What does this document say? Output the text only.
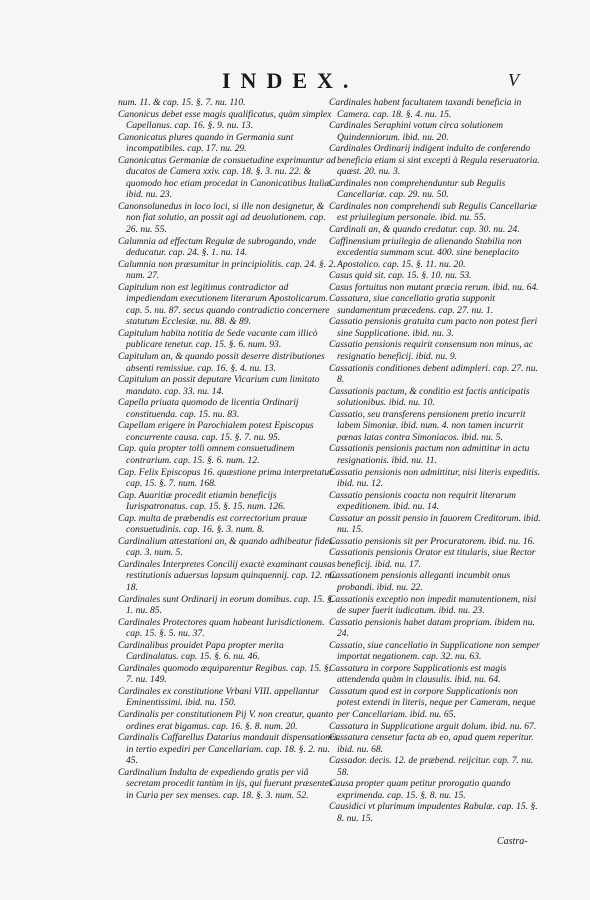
INDEX.	V

num. 11. & cap. 15. §. 7. nu. 110.

Canonicus debet esse magis qualificatus, quàm simplex Capellanus. cap. 16. §. 9. nu. 13.

Canonicatus plures quando in Germania sunt incompatibiles. cap. 17. nu. 29.

Canonicatus Germaniæ de consuetudine exprimuntur ad ducatos de Camera xxiv. cap. 18. §. 3. nu. 22. & quomodo hoc etiam procedat in Canonicatibus Italiæ. ibid. nu. 23.

Canonsolunedus in loco loci, si ille non designetur, & non fiat solutio, an possit agi ad deuolutionem. cap. 26. nu. 55.

Calumnia ad effectum Regulæ de subrogando, vnde deducatur. cap. 24. §. 1. nu. 14.

Calumnia non præsumitur in principiolitis. cap. 24. §. 2. num. 27.

Capitulum non est legitimus contradictor ad impediendam executionem literarum Apostolicarum. cap. 5. nu. 87. secus quando contradictio concernere statutum Ecclesiæ. nu. 88. & 89.

Capitulum habita notitia de Sede vacante cam illicò publicare tenetur. cap. 15. §. 6. num. 93.

Capitulum an, & quando possit deserre distributiones absenti remissiue. cap. 16. §. 4. nu. 13.

Capitulum an possit deputare Vicarium cum limitato mandato. cap. 33. nu. 14.

Capella priuata quomodo de licentia Ordinarij constituenda. cap. 15. nu. 83.

Capellam erigere in Parochialem potest Episcopus concurrente causa. cap. 15. §. 7. nu. 95.

Cap. quia propter tolli omnem consuetudinem contrarium. cap. 15. §. 6. num. 12.

Cap. Felix Episcopus 16. quæstione prima interpretatur. cap. 15. §. 7. num. 168.

Cap. Auaritiæ procedit etiamin beneficijs Iurispatronatus. cap. 15. §. 15. num. 126.

Cap. multa de præbendis est correctorium prauæ consuetudinis. cap. 16. §. 3. num. 8.

Cardinalium attestationi an, & quando adhibeatur fides. cap. 3. num. 5.

Cardinales Interpretes Concilij exactè examinant causas restitutionis aduersus lapsum quinquennij. cap. 12. nu. 18.

Cardinales sunt Ordinarij in eorum domibus. cap. 15. §. 1. nu. 85.

Cardinales Protectores quam habeant Iurisdictionem. cap. 15. §. 5. nu. 37.

Cardinalibus prouidet Papa propter merita Cardinalatus. cap. 15. §. 6. nu. 46.

Cardinales quomodo æquiparentur Regibus. cap. 15. §. 7. nu. 149.

Cardinales ex constitutione Vrbani VIII. appellantur Eminentissimi. ibid. nu. 150.

Cardinalis per constitutionem Pij V. non creatur, quanto ordines erat bigamus. cap. 16. §. 8. num. 20.

Cardinalis Caffarellus Datarius mandauit dispensationes in tertio expediri per Cancellariam. cap. 18. §. 2. nu. 45.

Cardinalium Indulta de expediendo gratis per viã secretam procedit tantùm in ijs, qui fuerunt præsentes in Curia per sex menses. cap. 18. §. 3. num. 52.

Cardinales habent facultatem taxandi beneficia in Camera. cap. 18. §. 4. nu. 15.

Cardinales Seraphini votum circa solutionem Quindenniorum. ibid. nu. 20.

Cardinales Ordinarij indigent indulto de conferendo beneficia etiam si sint excepti à Regula reseruatoria. quæst. 20. nu. 3.

Cardinales non comprehenduntur sub Regulis Cancellariæ. cap. 29. nu. 50.

Cardinales non comprehendi sub Regulis Cancellariæ est priuilegium personale. ibid. nu. 55.

Cardinali an, & quando credatur. cap. 30. nu. 24.

Caffinensium priuilegia de alienando Stabilia non excedentia summam scut. 400. sine beneplacito Apostolico. cap. 15. §. 11. nu. 20.

Casus quid sit. cap. 15. §. 10. nu. 53.

Casus fortuitus non mutant præcia rerum. ibid. nu. 64.

Cassatura, siue cancellatio gratia supponit sundamentum præcedens. cap. 27. nu. 1.

Cassatio pensionis gratuita cum pacto non potest fieri sine Supplicatione. ibid. nu. 3.

Cassatio pensionis requirit consensum non minus, ac resignatio beneficij. ibid. nu. 9.

Cassationis conditiones debent adimpleri. cap. 27. nu. 8.

Cassationis pactum, & conditio est factis anticipatis solutionibus. ibid. nu. 10.

Cassatio, seu transferens pensionem pretio incurrit labem Simoniæ. ibid. num. 4. non tamen incurrit pœnas latas contra Simoniacos. ibid. nu. 5.

Cassationis pensionis pactum non admittitur in actu resignationis. ibid. nu. 11.

Cassatio pensionis non admittitur, nisi literis expeditis. ibid. nu. 12.

Cassatio pensionis coacta non requirit literarum expeditionem. ibid. nu. 14.

Cassatur an possit pensio in fauorem Creditorum. ibid. nu. 15.

Cassatio pensionis sit per Procuratorem. ibid. nu. 16.

Cassationis pensionis Orator est titularis, siue Rector beneficij. ibid. nu. 17.

Cassationem pensionis alleganti incumbit onus probandi. ibid. nu. 22.

Cassationis exceptio non impedit manutentionem, nisi de super fuerit iudicatum. ibid. nu. 23.

Cassatio pensionis habet datam propriam. ibidem nu. 24.

Cassatio, siue cancellatio in Supplicatione non semper importat negationem. cap. 32. nu. 63.

Cassatura in corpore Supplicationis est magis attendenda quàm in clausulis. ibid. nu. 64.

Cassatum quod est in corpore Supplicationis non potest extendi in literis, neque per Cameram, neque per Cancellariam. ibid. nu. 65.

Cassatura in Supplicatione arguit dolum. ibid. nu. 67.

Cassatura censetur facta ab eo, apud quem reperitur. ibid. nu. 68.

Cassador. decis. 12. de præbend. reijcitur. cap. 7. nu. 58.

Causa propter quam petitur prorogatio quando exprimenda. cap. 15. §. 8. nu. 15.

Causidici vt plurimum impudentes Rabulæ. cap. 15. §. 8. nu. 15.

Castra-
